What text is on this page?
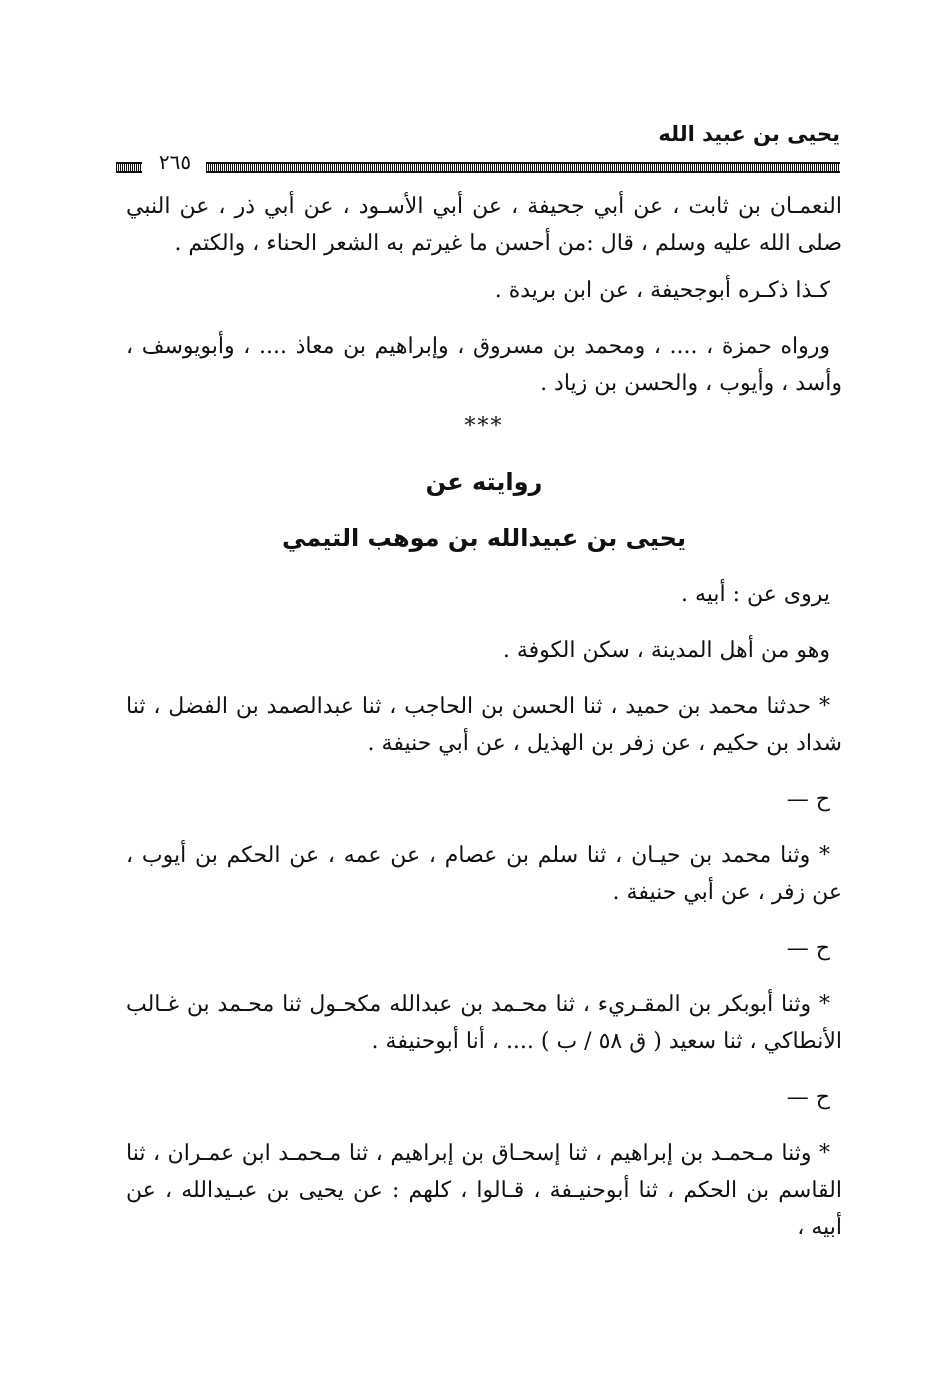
يحيى بن عبيد الله
٢٦٥

النعمـان بن ثابت ، عن أبي جحيفة ، عن أبي الأسـود ، عن أبي ذر ، عن النبي صلى الله عليه وسلم ، قال :من أحسن ما غيرتم به الشعر الحناء ، والكتم .

كـذا ذكـره أبوجحيفة ، عن ابن بريدة .

ورواه حمزة ، .... ، ومحمد بن مسروق ، وإبراهيم بن معاذ .... ، وأبويوسف ، وأسد ، وأيوب ، والحسن بن زياد .

***

روايته عن

يحيى بن عبيدالله بن موهب التيمي

يروى عن : أبيه .

وهو من أهل المدينة ، سكن الكوفة .

* حدثنا محمد بن حميد ، ثنا الحسن بن الحاجب ، ثنا عبدالصمد بن الفضل ، ثنا شداد بن حكيم ، عن زفر بن الهذيل ، عن أبي حنيفة .

ح —

* وثنا محمد بن حيـان ، ثنا سلم بن عصام ، عن عمه ، عن الحكم بن أيوب ، عن زفر ، عن أبي حنيفة .

ح —

* وثنا أبوبكر بن المقـريء ، ثنا محـمد بن عبدالله مكحـول ثنا محـمد بن غـالب الأنطاكي ، ثنا سعيد ( ق ٥٨ / ب ) .... ، أنا أبوحنيفة .

ح —

* وثنا مـحمـد بن إبراهيم ، ثنا إسحـاق بن إبراهيم ، ثنا مـحمـد ابن عمـران ، ثنا القاسم بن الحكم ، ثنا أبوحنيـفة ، قـالوا ، كلهم : عن يحيى بن عبـيدالله ، عن أبيه ،
